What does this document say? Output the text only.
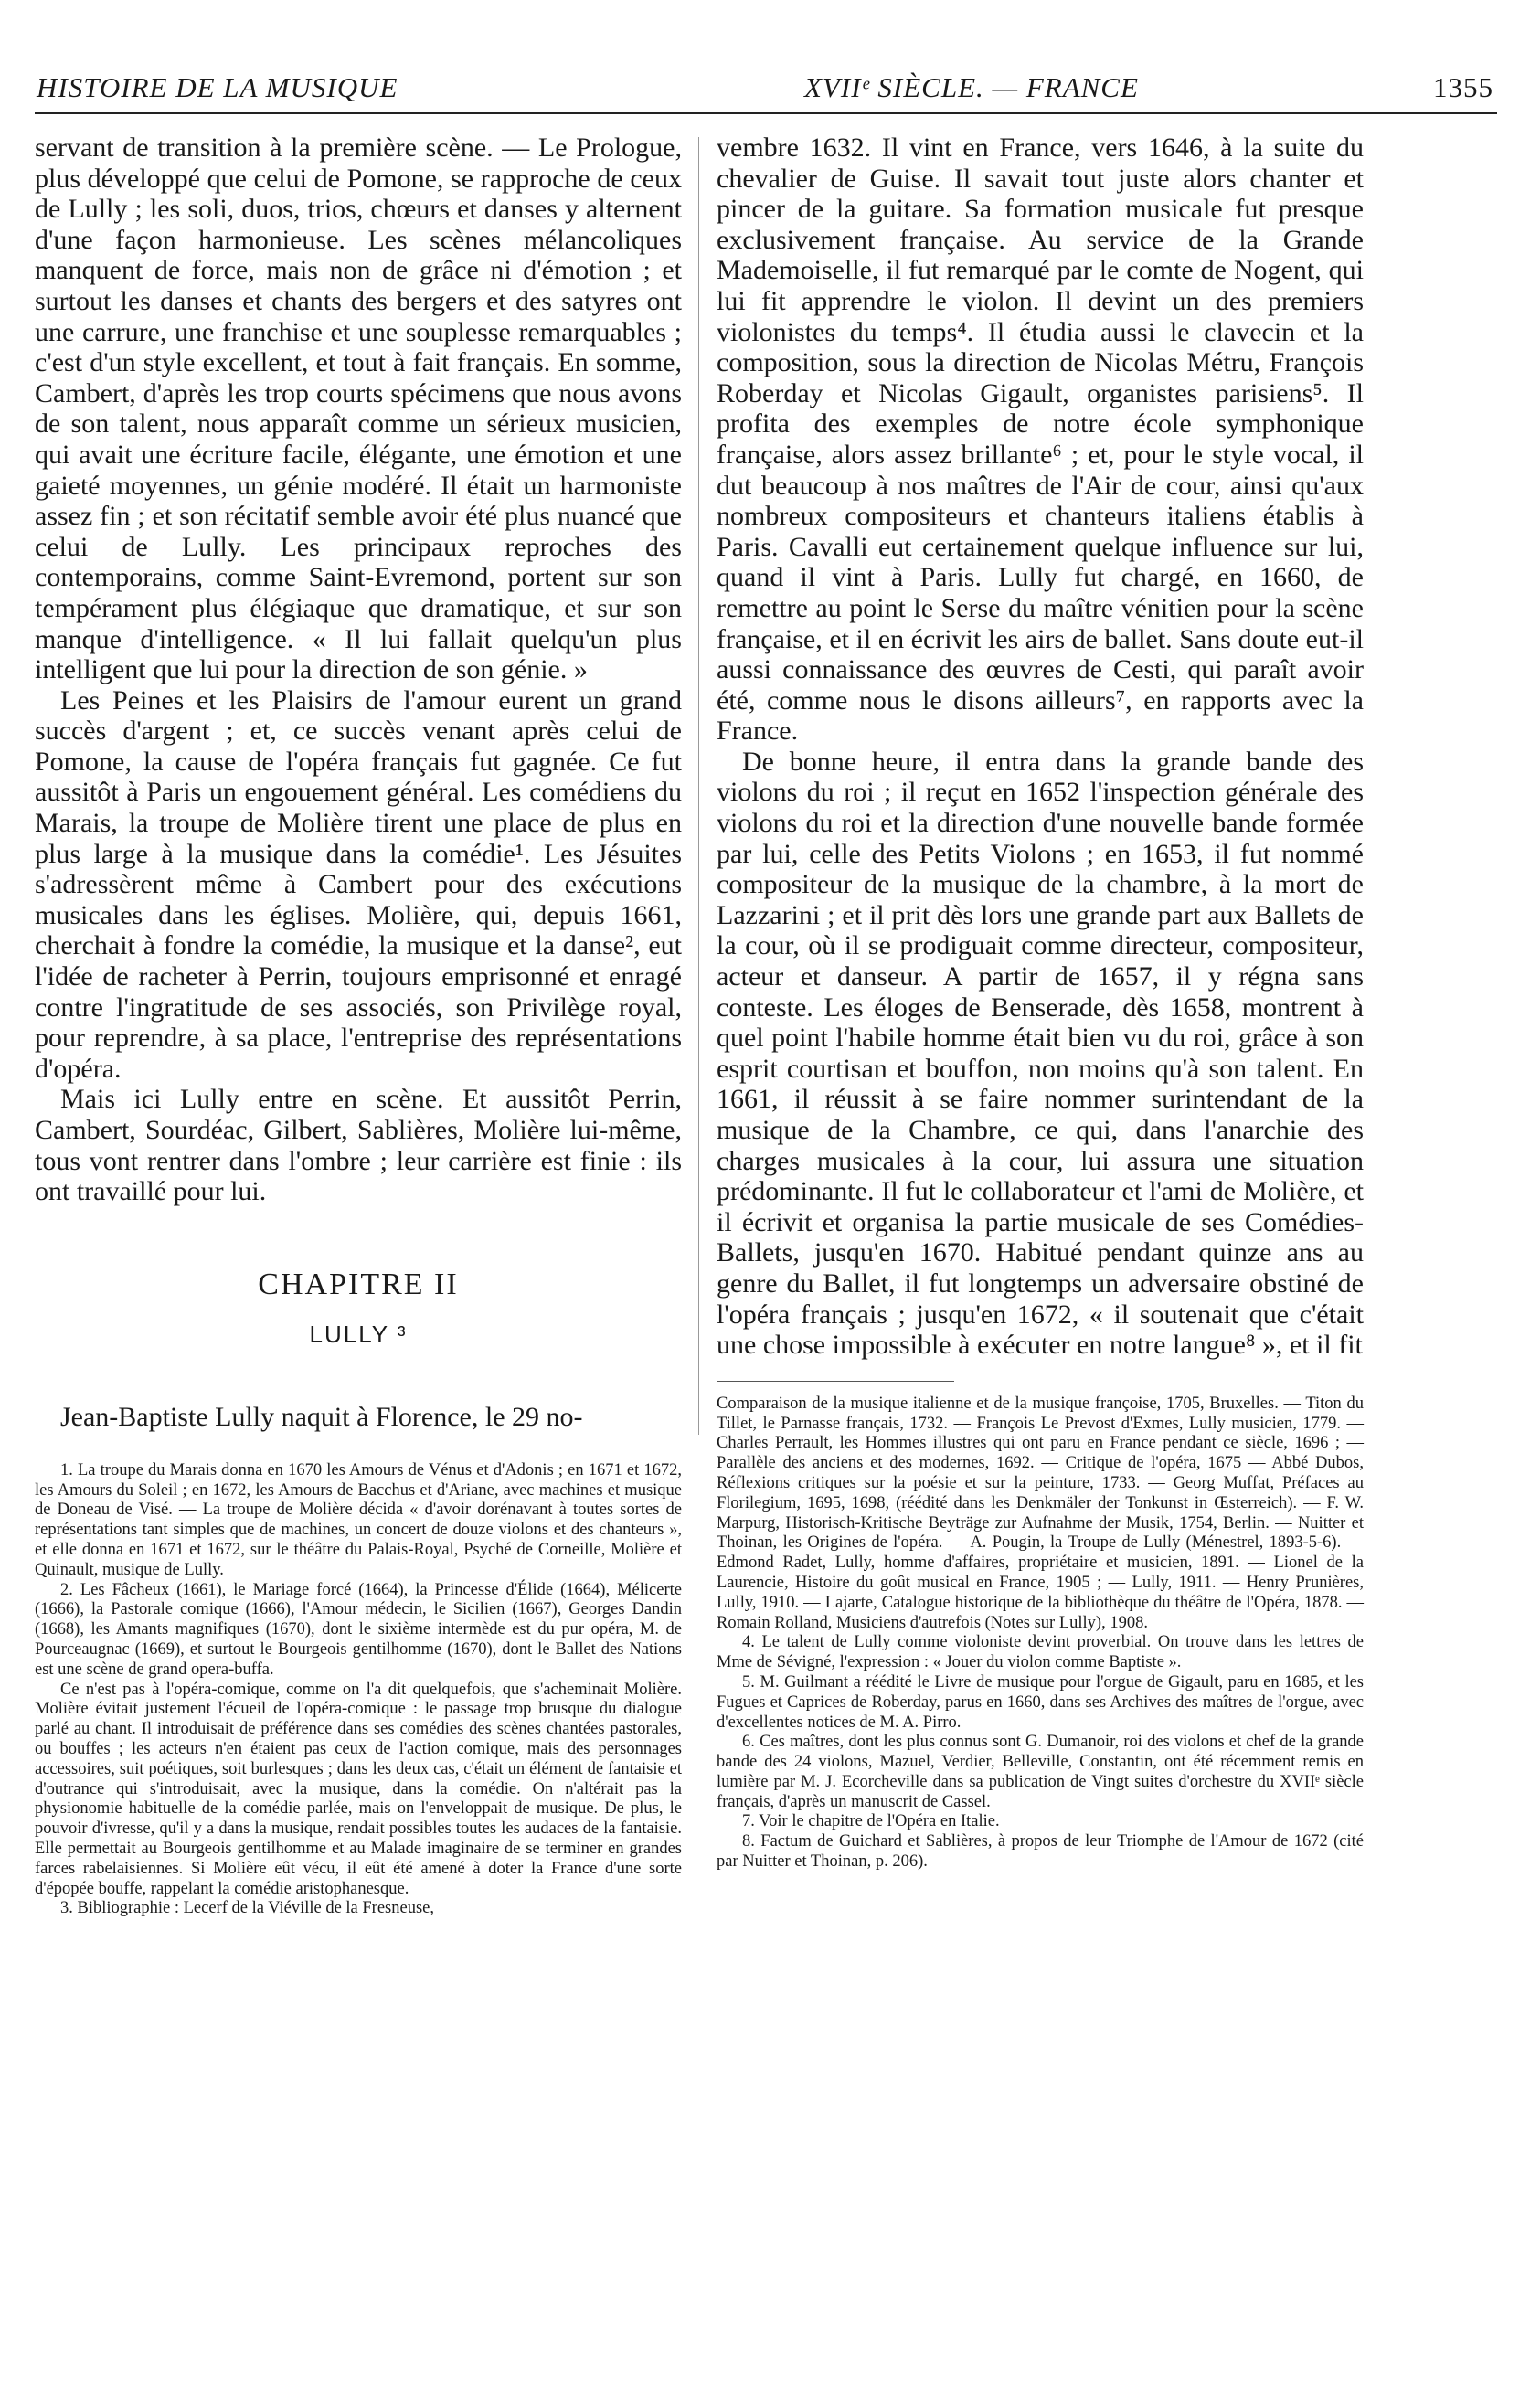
HISTOIRE DE LA MUSIQUE	XVIIᵉ SIÈCLE. — FRANCE	1355

servant de transition à la première scène. — Le Prologue, plus développé que celui de Pomone, se rapproche de ceux de Lully ; les soli, duos, trios, chœurs et danses y alternent d'une façon harmonieuse. Les scènes mélancoliques manquent de force, mais non de grâce ni d'émotion ; et surtout les danses et chants des bergers et des satyres ont une carrure, une franchise et une souplesse remarquables ; c'est d'un style excellent, et tout à fait français. En somme, Cambert, d'après les trop courts spécimens que nous avons de son talent, nous apparaît comme un sérieux musicien, qui avait une écriture facile, élégante, une émotion et une gaieté moyennes, un génie modéré. Il était un harmoniste assez fin ; et son récitatif semble avoir été plus nuancé que celui de Lully. Les principaux reproches des contemporains, comme Saint-Evremond, portent sur son tempérament plus élégiaque que dramatique, et sur son manque d'intelligence. « Il lui fallait quelqu'un plus intelligent que lui pour la direction de son génie. »

Les Peines et les Plaisirs de l'amour eurent un grand succès d'argent ; et, ce succès venant après celui de Pomone, la cause de l'opéra français fut gagnée. Ce fut aussitôt à Paris un engouement général. Les comédiens du Marais, la troupe de Molière tirent une place de plus en plus large à la musique dans la comédie¹. Les Jésuites s'adressèrent même à Cambert pour des exécutions musicales dans les églises. Molière, qui, depuis 1661, cherchait à fondre la comédie, la musique et la danse², eut l'idée de racheter à Perrin, toujours emprisonné et enragé contre l'ingratitude de ses associés, son Privilège royal, pour reprendre, à sa place, l'entreprise des représentations d'opéra.

Mais ici Lully entre en scène. Et aussitôt Perrin, Cambert, Sourdéac, Gilbert, Sablières, Molière lui-même, tous vont rentrer dans l'ombre ; leur carrière est finie : ils ont travaillé pour lui.

CHAPITRE II
LULLY ³
Jean-Baptiste Lully naquit à Florence, le 29 no-

1. La troupe du Marais donna en 1670 les Amours de Vénus et d'Adonis ; en 1671 et 1672, les Amours du Soleil ; en 1672, les Amours de Bacchus et d'Ariane, avec machines et musique de Doneau de Visé. — La troupe de Molière décida « d'avoir dorénavant à toutes sortes de représentations tant simples que de machines, un concert de douze violons et des chanteurs », et elle donna en 1671 et 1672, sur le théâtre du Palais-Royal, Psyché de Corneille, Molière et Quinault, musique de Lully.

2. Les Fâcheux (1661), le Mariage forcé (1664), la Princesse d'Élide (1664), Mélicerte (1666), la Pastorale comique (1666), l'Amour médecin, le Sicilien (1667), Georges Dandin (1668), les Amants magnifiques (1670), dont le sixième intermède est du pur opéra, M. de Pourceaugnac (1669), et surtout le Bourgeois gentilhomme (1670), dont le Ballet des Nations est une scène de grand opera-buffa.

Ce n'est pas à l'opéra-comique, comme on l'a dit quelquefois, que s'acheminait Molière. Molière évitait justement l'écueil de l'opéra-comique : le passage trop brusque du dialogue parlé au chant. Il introduisait de préférence dans ses comédies des scènes chantées pastorales, ou bouffes ; les acteurs n'en étaient pas ceux de l'action comique, mais des personnages accessoires, suit poétiques, soit burlesques ; dans les deux cas, c'était un élément de fantaisie et d'outrance qui s'introduisait, avec la musique, dans la comédie. On n'altérait pas la physionomie habituelle de la comédie parlée, mais on l'enveloppait de musique. De plus, le pouvoir d'ivresse, qu'il y a dans la musique, rendait possibles toutes les audaces de la fantaisie. Elle permettait au Bourgeois gentilhomme et au Malade imaginaire de se terminer en grandes farces rabelaisiennes. Si Molière eût vécu, il eût été amené à doter la France d'une sorte d'épopée bouffe, rappelant la comédie aristophanesque.

3. Bibliographie : Lecerf de la Viéville de la Fresneuse,

vembre 1632. Il vint en France, vers 1646, à la suite du chevalier de Guise. Il savait tout juste alors chanter et pincer de la guitare. Sa formation musicale fut presque exclusivement française. Au service de la Grande Mademoiselle, il fut remarqué par le comte de Nogent, qui lui fit apprendre le violon. Il devint un des premiers violonistes du temps⁴. Il étudia aussi le clavecin et la composition, sous la direction de Nicolas Métru, François Roberday et Nicolas Gigault, organistes parisiens⁵. Il profita des exemples de notre école symphonique française, alors assez brillante⁶ ; et, pour le style vocal, il dut beaucoup à nos maîtres de l'Air de cour, ainsi qu'aux nombreux compositeurs et chanteurs italiens établis à Paris. Cavalli eut certainement quelque influence sur lui, quand il vint à Paris. Lully fut chargé, en 1660, de remettre au point le Serse du maître vénitien pour la scène française, et il en écrivit les airs de ballet. Sans doute eut-il aussi connaissance des œuvres de Cesti, qui paraît avoir été, comme nous le disons ailleurs⁷, en rapports avec la France.

De bonne heure, il entra dans la grande bande des violons du roi ; il reçut en 1652 l'inspection générale des violons du roi et la direction d'une nouvelle bande formée par lui, celle des Petits Violons ; en 1653, il fut nommé compositeur de la musique de la chambre, à la mort de Lazzarini ; et il prit dès lors une grande part aux Ballets de la cour, où il se prodiguait comme directeur, compositeur, acteur et danseur. A partir de 1657, il y régna sans conteste. Les éloges de Benserade, dès 1658, montrent à quel point l'habile homme était bien vu du roi, grâce à son esprit courtisan et bouffon, non moins qu'à son talent. En 1661, il réussit à se faire nommer surintendant de la musique de la Chambre, ce qui, dans l'anarchie des charges musicales à la cour, lui assura une situation prédominante. Il fut le collaborateur et l'ami de Molière, et il écrivit et organisa la partie musicale de ses Comédies-Ballets, jusqu'en 1670. Habitué pendant quinze ans au genre du Ballet, il fut longtemps un adversaire obstiné de l'opéra français ; jusqu'en 1672, « il soutenait que c'était une chose impossible à exécuter en notre langue⁸ », et il fit

Comparaison de la musique italienne et de la musique françoise, 1705, Bruxelles. — Titon du Tillet, le Parnasse français, 1732. — François Le Prevost d'Exmes, Lully musicien, 1779. — Charles Perrault, les Hommes illustres qui ont paru en France pendant ce siècle, 1696 ; — Parallèle des anciens et des modernes, 1692. — Critique de l'opéra, 1675 — Abbé Dubos, Réflexions critiques sur la poésie et sur la peinture, 1733. — Georg Muffat, Préfaces au Florilegium, 1695, 1698, (réédité dans les Denkmäler der Tonkunst in Œsterreich). — F. W. Marpurg, Historisch-Kritische Beyträge zur Aufnahme der Musik, 1754, Berlin. — Nuitter et Thoinan, les Origines de l'opéra. — A. Pougin, la Troupe de Lully (Ménestrel, 1893-5-6). — Edmond Radet, Lully, homme d'affaires, propriétaire et musicien, 1891. — Lionel de la Laurencie, Histoire du goût musical en France, 1905 ; — Lully, 1911. — Henry Prunières, Lully, 1910. — Lajarte, Catalogue historique de la bibliothèque du théâtre de l'Opéra, 1878. — Romain Rolland, Musiciens d'autrefois (Notes sur Lully), 1908.

4. Le talent de Lully comme violoniste devint proverbial. On trouve dans les lettres de Mme de Sévigné, l'expression : « Jouer du violon comme Baptiste ».

5. M. Guilmant a réédité le Livre de musique pour l'orgue de Gigault, paru en 1685, et les Fugues et Caprices de Roberday, parus en 1660, dans ses Archives des maîtres de l'orgue, avec d'excellentes notices de M. A. Pirro.

6. Ces maîtres, dont les plus connus sont G. Dumanoir, roi des violons et chef de la grande bande des 24 violons, Mazuel, Verdier, Belleville, Constantin, ont été récemment remis en lumière par M. J. Ecorcheville dans sa publication de Vingt suites d'orchestre du XVIIᵉ siècle français, d'après un manuscrit de Cassel.

7. Voir le chapitre de l'Opéra en Italie.

8. Factum de Guichard et Sablières, à propos de leur Triomphe de l'Amour de 1672 (cité par Nuitter et Thoinan, p. 206).
